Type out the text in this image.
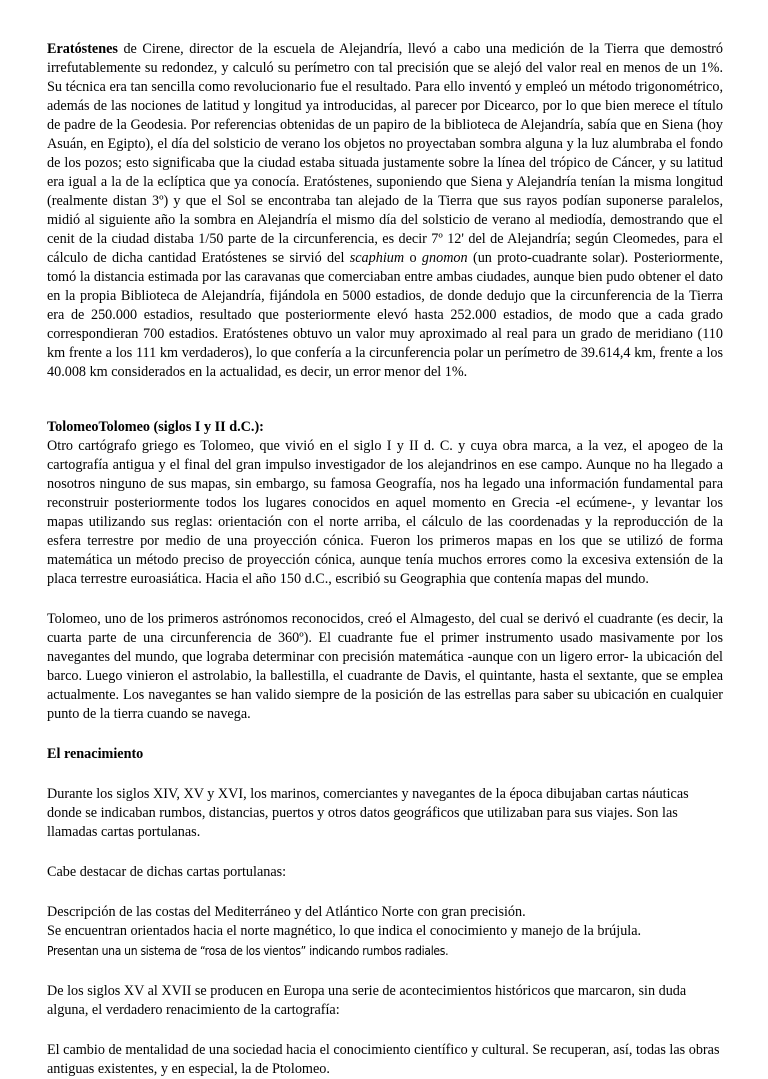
Eratóstenes de Cirene, director de la escuela de Alejandría, llevó a cabo una medición de la Tierra que demostró irrefutablemente su redondez, y calculó su perímetro con tal precisión que se alejó del valor real en menos de un 1%. Su técnica era tan sencilla como revolucionario fue el resultado. Para ello inventó y empleó un método trigonométrico, además de las nociones de latitud y longitud ya introducidas, al parecer por Dicearco, por lo que bien merece el título de padre de la Geodesia. Por referencias obtenidas de un papiro de la biblioteca de Alejandría, sabía que en Siena (hoy Asuán, en Egipto), el día del solsticio de verano los objetos no proyectaban sombra alguna y la luz alumbraba el fondo de los pozos; esto significaba que la ciudad estaba situada justamente sobre la línea del trópico de Cáncer, y su latitud era igual a la de la eclíptica que ya conocía. Eratóstenes, suponiendo que Siena y Alejandría tenían la misma longitud (realmente distan 3º) y que el Sol se encontraba tan alejado de la Tierra que sus rayos podían suponerse paralelos, midió al siguiente año la sombra en Alejandría el mismo día del solsticio de verano al mediodía, demostrando que el cenit de la ciudad distaba 1/50 parte de la circunferencia, es decir 7º 12' del de Alejandría; según Cleomedes, para el cálculo de dicha cantidad Eratóstenes se sirvió del scaphium o gnomon (un proto-cuadrante solar). Posteriormente, tomó la distancia estimada por las caravanas que comerciaban entre ambas ciudades, aunque bien pudo obtener el dato en la propia Biblioteca de Alejandría, fijándola en 5000 estadios, de donde dedujo que la circunferencia de la Tierra era de 250.000 estadios, resultado que posteriormente elevó hasta 252.000 estadios, de modo que a cada grado correspondieran 700 estadios. Eratóstenes obtuvo un valor muy aproximado al real para un grado de meridiano (110 km frente a los 111 km verdaderos), lo que confería a la circunferencia polar un perímetro de 39.614,4 km, frente a los 40.008 km considerados en la actualidad, es decir, un error menor del 1%.

TolomeoTolomeo (siglos I y II d.C.):

Otro cartógrafo griego es Tolomeo, que vivió en el siglo I y II d. C. y cuya obra marca, a la vez, el apogeo de la cartografía antigua y el final del gran impulso investigador de los alejandrinos en ese campo. Aunque no ha llegado a nosotros ninguno de sus mapas, sin embargo, su famosa Geografía, nos ha legado una información fundamental para reconstruir posteriormente todos los lugares conocidos en aquel momento en Grecia -el ecúmene-, y levantar los mapas utilizando sus reglas: orientación con el norte arriba, el cálculo de las coordenadas y la reproducción de la esfera terrestre por medio de una proyección cónica. Fueron los primeros mapas en los que se utilizó de forma matemática un método preciso de proyección cónica, aunque tenía muchos errores como la excesiva extensión de la placa terrestre euroasiática. Hacia el año 150 d.C., escribió su Geographia que contenía mapas del mundo.

Tolomeo, uno de los primeros astrónomos reconocidos, creó el Almagesto, del cual se derivó el cuadrante (es decir, la cuarta parte de una circunferencia de 360º). El cuadrante fue el primer instrumento usado masivamente por los navegantes del mundo, que lograba determinar con precisión matemática -aunque con un ligero error- la ubicación del barco. Luego vinieron el astrolabio, la ballestilla, el cuadrante de Davis, el quintante, hasta el sextante, que se emplea actualmente. Los navegantes se han valido siempre de la posición de las estrellas para saber su ubicación en cualquier punto de la tierra cuando se navega.

El renacimiento

Durante los siglos XIV, XV y XVI, los marinos, comerciantes y navegantes de la época dibujaban cartas náuticas donde se indicaban rumbos, distancias, puertos y otros datos geográficos que utilizaban para sus viajes. Son las llamadas cartas portulanas.

Cabe destacar de dichas cartas portulanas:

Descripción de las costas del Mediterráneo y del Atlántico Norte con gran precisión.

Se encuentran orientados hacia el norte magnético, lo que indica el conocimiento y manejo de la brújula.

Presentan una un sistema de “rosa de los vientos” indicando rumbos radiales.

De los siglos XV al XVII se producen en Europa una serie de acontecimientos históricos que marcaron, sin duda alguna, el verdadero renacimiento de la cartografía:

El cambio de mentalidad de una sociedad hacia el conocimiento científico y cultural. Se recuperan, así, todas las obras antiguas existentes, y en especial, la de Ptolomeo.
